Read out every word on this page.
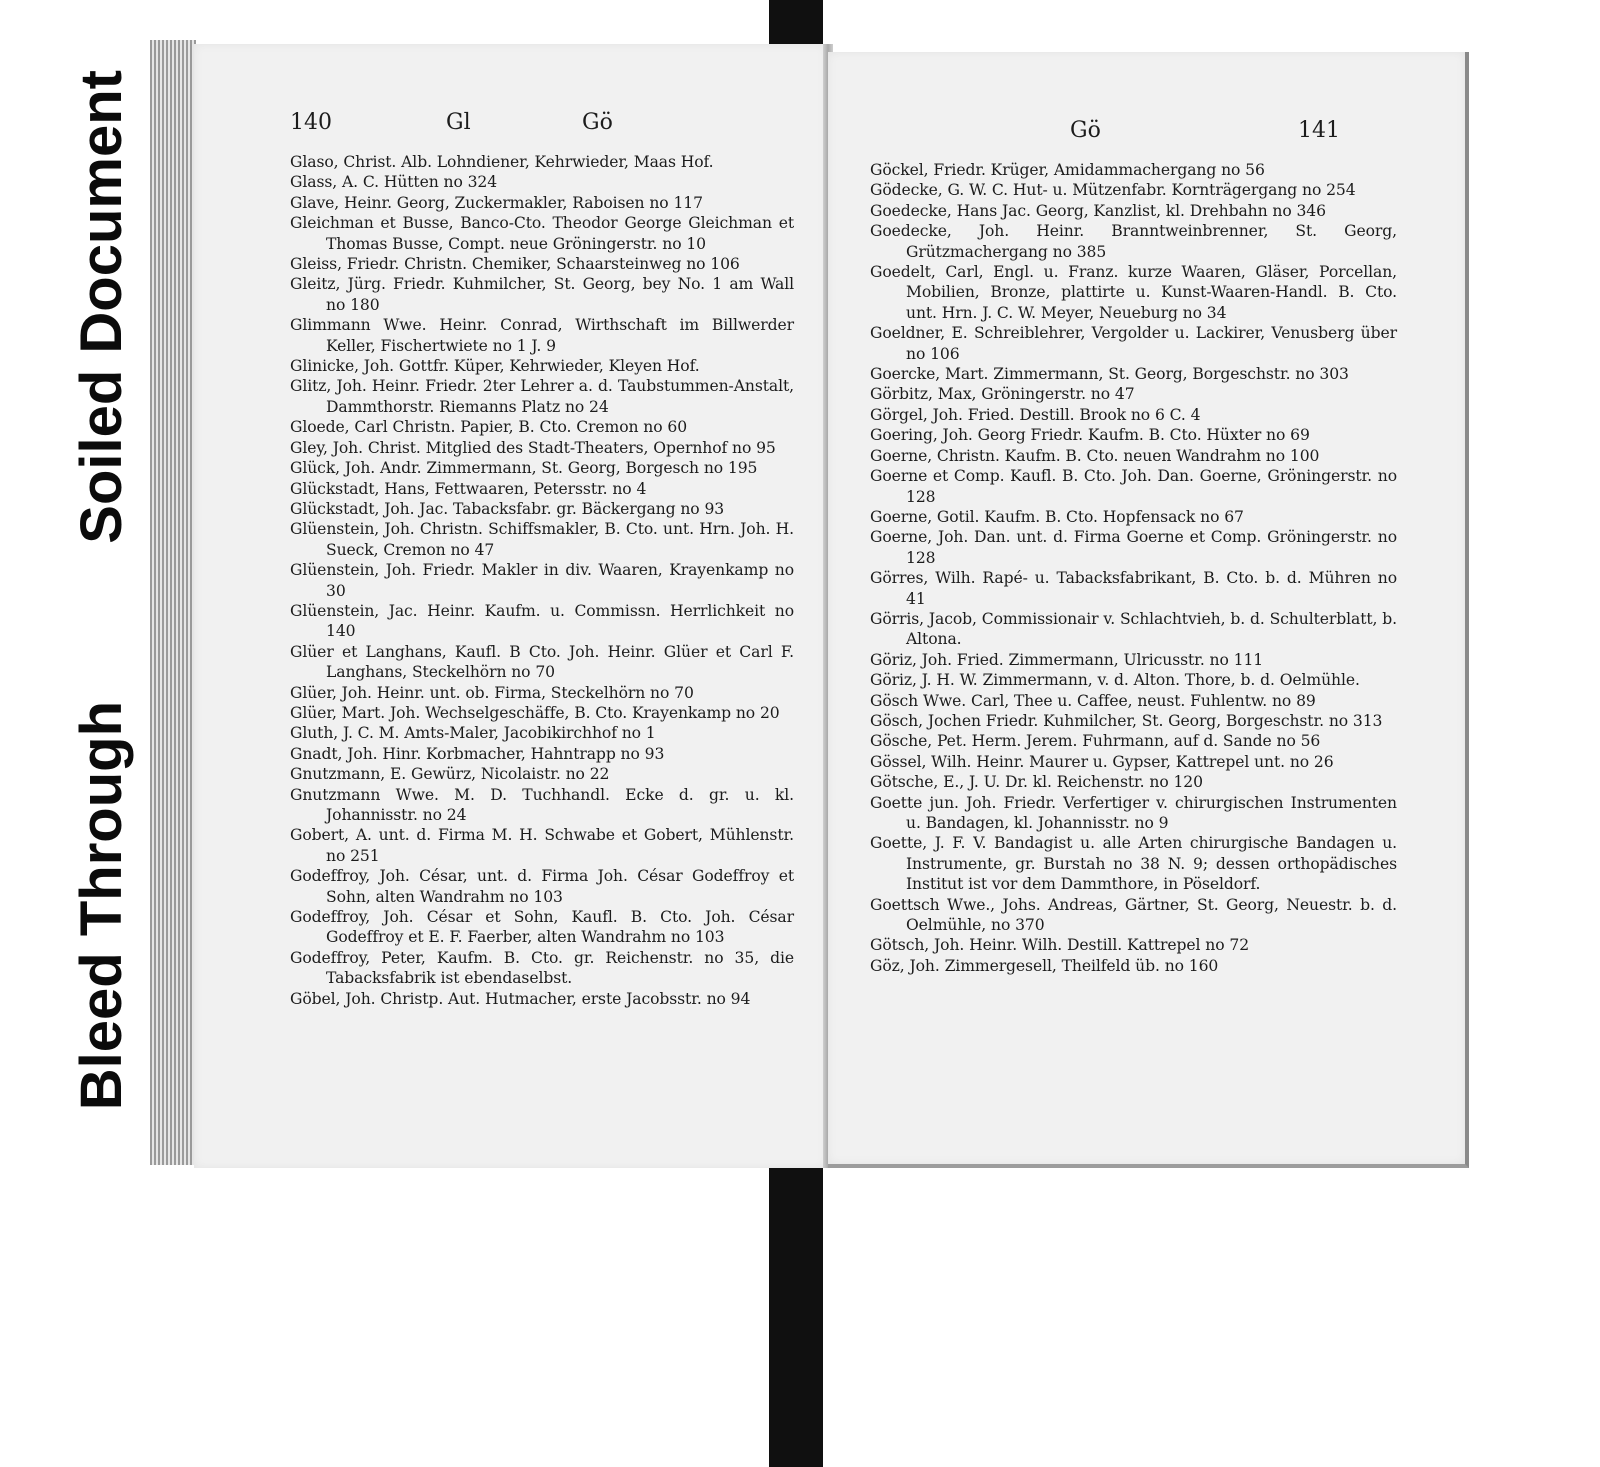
Bleed Through
Soiled Document	140	Gl	Gö
Glaso, Christ. Alb. Lohndiener, Kehrwieder, Maas Hof.
Glass, A. C. Hütten no 324
Glave, Heinr. Georg, Zuckermakler, Raboisen no 117
Gleichman et Busse, Banco-Cto. Theodor George Gleichman et Thomas Busse, Compt. neue Gröningerstr. no 10
Gleiss, Friedr. Christn. Chemiker, Schaarsteinweg no 106
Gleitz, Jürg. Friedr. Kuhmilcher, St. Georg, bey No. 1 am Wall no 180
Glimmann Wwe. Heinr. Conrad, Wirthschaft im Billwerder Keller, Fischertwiete no 1 J. 9
Glinicke, Joh. Gottfr. Küper, Kehrwieder, Kleyen Hof.
Glitz, Joh. Heinr. Friedr. 2ter Lehrer a. d. Taubstummen-Anstalt, Dammthorstr. Riemanns Platz no 24
Gloede, Carl Christn. Papier, B. Cto. Cremon no 60
Gley, Joh. Christ. Mitglied des Stadt-Theaters, Opernhof no 95
Glück, Joh. Andr. Zimmermann, St. Georg, Borgesch no 195
Glückstadt, Hans, Fettwaaren, Petersstr. no 4
Glückstadt, Joh. Jac. Tabacksfabr. gr. Bäckergang no 93
Glüenstein, Joh. Christn. Schiffsmakler, B. Cto. unt. Hrn. Joh. H. Sueck, Cremon no 47
Glüenstein, Joh. Friedr. Makler in div. Waaren, Krayenkamp no 30
Glüenstein, Jac. Heinr. Kaufm. u. Commissn. Herrlichkeit no 140
Glüer et Langhans, Kaufl. B Cto. Joh. Heinr. Glüer et Carl F. Langhans, Steckelhörn no 70
Glüer, Joh. Heinr. unt. ob. Firma, Steckelhörn no 70
Glüer, Mart. Joh. Wechselgeschäffe, B. Cto. Krayenkamp no 20
Gluth, J. C. M. Amts-Maler, Jacobikirchhof no 1
Gnadt, Joh. Hinr. Korbmacher, Hahntrapp no 93
Gnutzmann, E. Gewürz, Nicolaistr. no 22
Gnutzmann Wwe. M. D. Tuchhandl. Ecke d. gr. u. kl. Johannisstr. no 24
Gobert, A. unt. d. Firma M. H. Schwabe et Gobert, Mühlenstr. no 251
Godeffroy, Joh. César, unt. d. Firma Joh. César Godeffroy et Sohn, alten Wandrahm no 103
Godeffroy, Joh. César et Sohn, Kaufl. B. Cto. Joh. César Godeffroy et E. F. Faerber, alten Wandrahm no 103
Godeffroy, Peter, Kaufm. B. Cto. gr. Reichenstr. no 35, die Tabacksfabrik ist ebendaselbst.
Göbel, Joh. Christp. Aut. Hutmacher, erste Jacobsstr. no 94
Gö	141
Göckel, Friedr. Krüger, Amidammachergang no 56
Gödecke, G. W. C. Hut- u. Mützenfabr. Kornträgergang no 254
Goedecke, Hans Jac. Georg, Kanzlist, kl. Drehbahn no 346
Goedecke, Joh. Heinr. Branntweinbrenner, St. Georg, Grützmachergang no 385
Goedelt, Carl, Engl. u. Franz. kurze Waaren, Gläser, Porcellan, Mobilien, Bronze, plattirte u. Kunst-Waaren-Handl. B. Cto. unt. Hrn. J. C. W. Meyer, Neueburg no 34
Goeldner, E. Schreiblehrer, Vergolder u. Lackirer, Venusberg über no 106
Goercke, Mart. Zimmermann, St. Georg, Borgeschstr. no 303
Görbitz, Max, Gröningerstr. no 47
Görgel, Joh. Fried. Destill. Brook no 6 C. 4
Goering, Joh. Georg Friedr. Kaufm. B. Cto. Hüxter no 69
Goerne, Christn. Kaufm. B. Cto. neuen Wandrahm no 100
Goerne et Comp. Kaufl. B. Cto. Joh. Dan. Goerne, Gröningerstr. no 128
Goerne, Gotil. Kaufm. B. Cto. Hopfensack no 67
Goerne, Joh. Dan. unt. d. Firma Goerne et Comp. Gröningerstr. no 128
Görres, Wilh. Rapé- u. Tabacksfabrikant, B. Cto. b. d. Mühren no 41
Görris, Jacob, Commissionair v. Schlachtvieh, b. d. Schulterblatt, b. Altona.
Göriz, Joh. Fried. Zimmermann, Ulricusstr. no 111
Göriz, J. H. W. Zimmermann, v. d. Alton. Thore, b. d. Oelmühle.
Gösch Wwe. Carl, Thee u. Caffee, neust. Fuhlentw. no 89
Gösch, Jochen Friedr. Kuhmilcher, St. Georg, Borgeschstr. no 313
Gösche, Pet. Herm. Jerem. Fuhrmann, auf d. Sande no 56
Gössel, Wilh. Heinr. Maurer u. Gypser, Kattrepel unt. no 26
Götsche, E., J. U. Dr. kl. Reichenstr. no 120
Goette jun. Joh. Friedr. Verfertiger v. chirurgischen Instrumenten u. Bandagen, kl. Johannisstr. no 9
Goette, J. F. V. Bandagist u. alle Arten chirurgische Bandagen u. Instrumente, gr. Burstah no 38 N. 9; dessen orthopädisches Institut ist vor dem Dammthore, in Pöseldorf.
Goettsch Wwe., Johs. Andreas, Gärtner, St. Georg, Neuestr. b. d. Oelmühle, no 370
Götsch, Joh. Heinr. Wilh. Destill. Kattrepel no 72
Göz, Joh. Zimmergesell, Theilfeld üb. no 160
